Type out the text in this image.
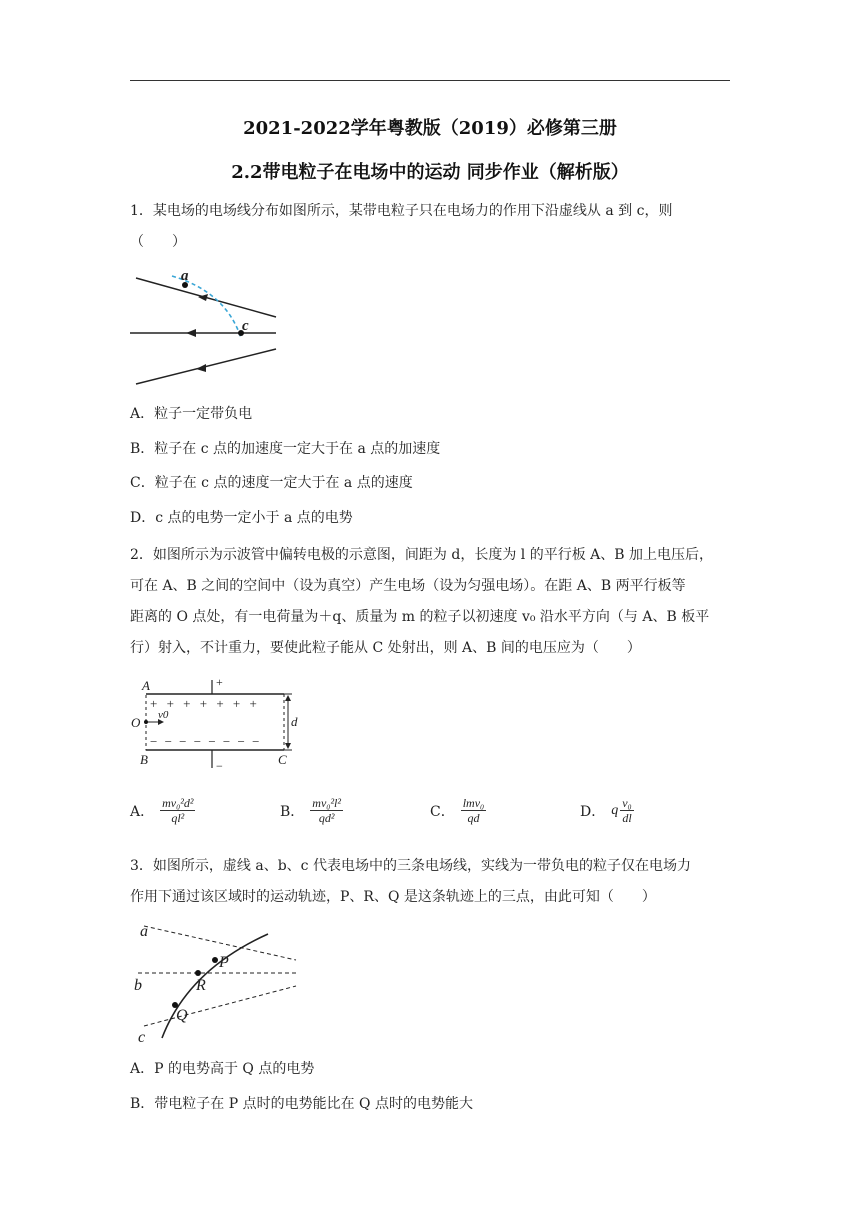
2021-2022学年粤教版（2019）必修第三册
2.2带电粒子在电场中的运动 同步作业（解析版）
1．某电场的电场线分布如图所示，某带电粒子只在电场力的作用下沿虚线从 a 到 c，则
（　　）
a
c
A．粒子一定带负电
B．粒子在 c 点的加速度一定大于在 a 点的加速度
C．粒子在 c 点的速度一定大于在 a 点的速度
D．c 点的电势一定小于 a 点的电势
2．如图所示为示波管中偏转电极的示意图，间距为 d，长度为 l 的平行板 A、B 加上电压后，
可在 A、B 之间的空间中（设为真空）产生电场（设为匀强电场）。在距 A、B 两平行板等
距离的 O 点处，有一电荷量为＋q、质量为 m 的粒子以初速度 v₀ 沿水平方向（与 A、B 板平
行）射入，不计重力，要使此粒子能从 C 处射出，则 A、B 间的电压应为（　　）
+
−
+ + + + + + +
− − − − − − − −
v0
A
B
O
C
d
A． $\frac{\text{mv₀²d²}}{\text{ql²}}$	B． $\frac{\text{mv₀²l²}}{\text{qd²}}$	C． $\frac{\text{lmv₀}}{qd}$	D． q $\frac{\text{v₀}}{dl}$
3．如图所示，虚线 a、b、c 代表电场中的三条电场线，实线为一带负电的粒子仅在电场力
作用下通过该区域时的运动轨迹，P、R、Q 是这条轨迹上的三点，由此可知（　　）
a
b
c
P
R
Q
A．P 的电势高于 Q 点的电势
B．带电粒子在 P 点时的电势能比在 Q 点时的电势能大
